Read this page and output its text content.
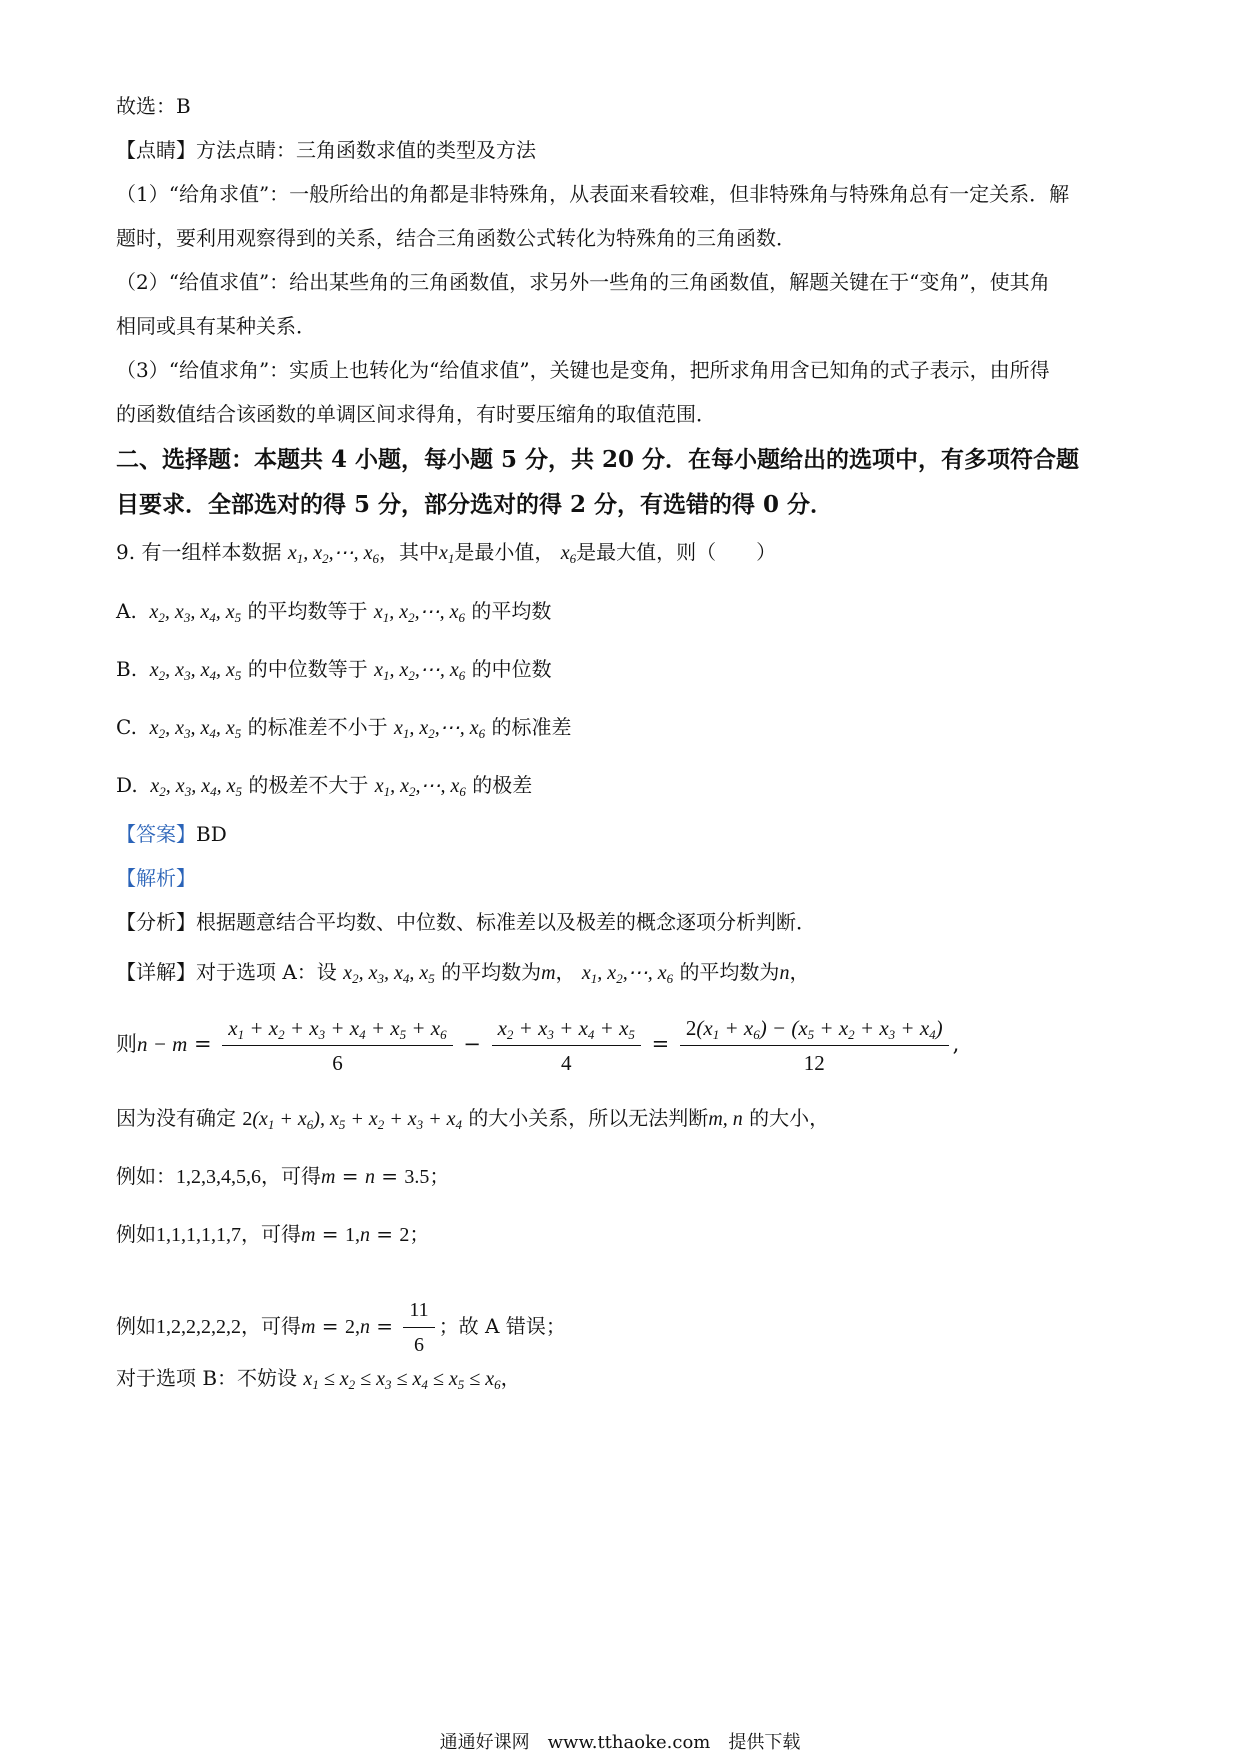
故选：B
【点睛】方法点睛：三角函数求值的类型及方法
（1）“给角求值”：一般所给出的角都是非特殊角，从表面来看较难，但非特殊角与特殊角总有一定关系．解
题时，要利用观察得到的关系，结合三角函数公式转化为特殊角的三角函数．
（2）“给值求值”：给出某些角的三角函数值，求另外一些角的三角函数值，解题关键在于“变角”，使其角
相同或具有某种关系．
（3）“给值求角”：实质上也转化为“给值求值”，关键也是变角，把所求角用含已知角的式子表示，由所得
的函数值结合该函数的单调区间求得角，有时要压缩角的取值范围．
二、选择题：本题共 4 小题，每小题 5 分，共 20 分．在每小题给出的选项中，有多项符合题
目要求．全部选对的得 5 分，部分选对的得 2 分，有选错的得 0 分．
9. 有一组样本数据 $x_1$, $x_2,\cdots$, $x_6$，其中$x_1$是最小值， $x_6$是最大值，则（　　）
A. $x_2$, $x_3$, $x_4$, $x_5$ 的平均数等于 $x_1$, $x_2,\cdots$, $x_6$ 的平均数
B. $x_2$, $x_3$, $x_4$, $x_5$ 的中位数等于 $x_1$, $x_2,\cdots$, $x_6$ 的中位数
C. $x_2$, $x_3$, $x_4$, $x_5$ 的标准差不小于 $x_1$, $x_2,\cdots$, $x_6$ 的标准差
D. $x_2$, $x_3$, $x_4$, $x_5$ 的极差不大于 $x_1$, $x_2,\cdots$, $x_6$ 的极差
【答案】BD
【解析】
【分析】根据题意结合平均数、中位数、标准差以及极差的概念逐项分析判断．
【详解】对于选项 A：设 $x_2$, $x_3$, $x_4$, $x_5$ 的平均数为m， $x_1$, $x_2,\cdots$, $x_6$ 的平均数为n，
则$n - m = \frac{x_1 + x_2 + x_3 + x_4 + x_5 + x_6}{6} - \frac{x_2 + x_3 + x_4 + x_5}{4} = \frac{2(x_1 + x_6) - (x_5 + x_2 + x_3 + x_4)}{12}$ ,
因为没有确定 $2(x_1 + x_6)$, $x_5 + x_2 + x_3 + x_4$ 的大小关系，所以无法判断m, n 的大小，
例如：1,2,3,4,5,6，可得m = n = 3.5；
例如1,1,1,1,1,7，可得m = 1,n = 2；
例如1,2,2,2,2,2，可得$m = 2,n = \frac{11}{6}$ ；故 A 错误；
对于选项 B：不妨设 $x_1 \le x_2 \le x_3 \le x_4 \le x_5 \le x_6$，
通通好课网　www.tthaoke.com　提供下载
